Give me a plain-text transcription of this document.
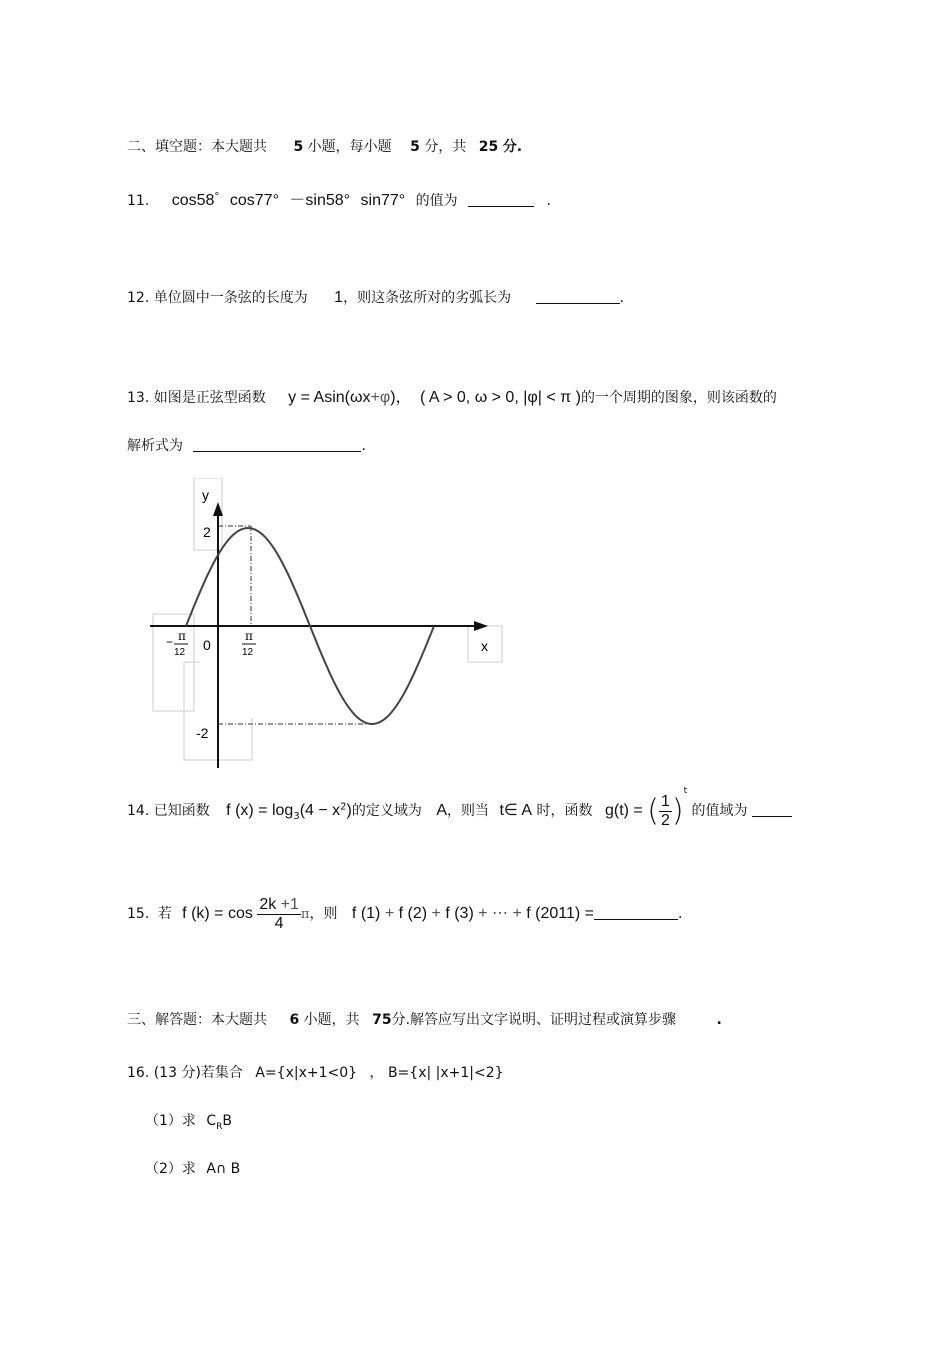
二、填空题：本大题共 5 小题，每小题 5 分，共 25 分.
11. cos58° cos77° －sin58° sin77° 的值为	.
12. 单位圆中一条弦的长度为 1，则这条弦所对的劣弧长为	.
13. 如图是正弦型函数 y = Asin(ωx+φ)， ( A > 0, ω > 0, |φ| < π )的一个周期的图象，则该函数的
解析式为	.
y
x
2
-2
0
− π
12
π
12
14. 已知函数 f $(x) = \log_3(4 - x^2)$的定义域为 A，则当 t∈ A 时，函数 g(t) = ( $\frac{1}{2} )^t$ 的值域为
15. 若 f $(k) = \cos \frac{2k +1}{4}$ π，则 f (1) + f (2) + f (3) + ⋯ + f (2011) =	.
三、解答题：本大题共 6 小题，共 75分.解答应写出文字说明、证明过程或演算步骤	.
16. (13 分)若集合 A={x|x+1<0} ， B={x| |x+1|<2}
（1）求 $C_RB$
（2）求 A∩ B
